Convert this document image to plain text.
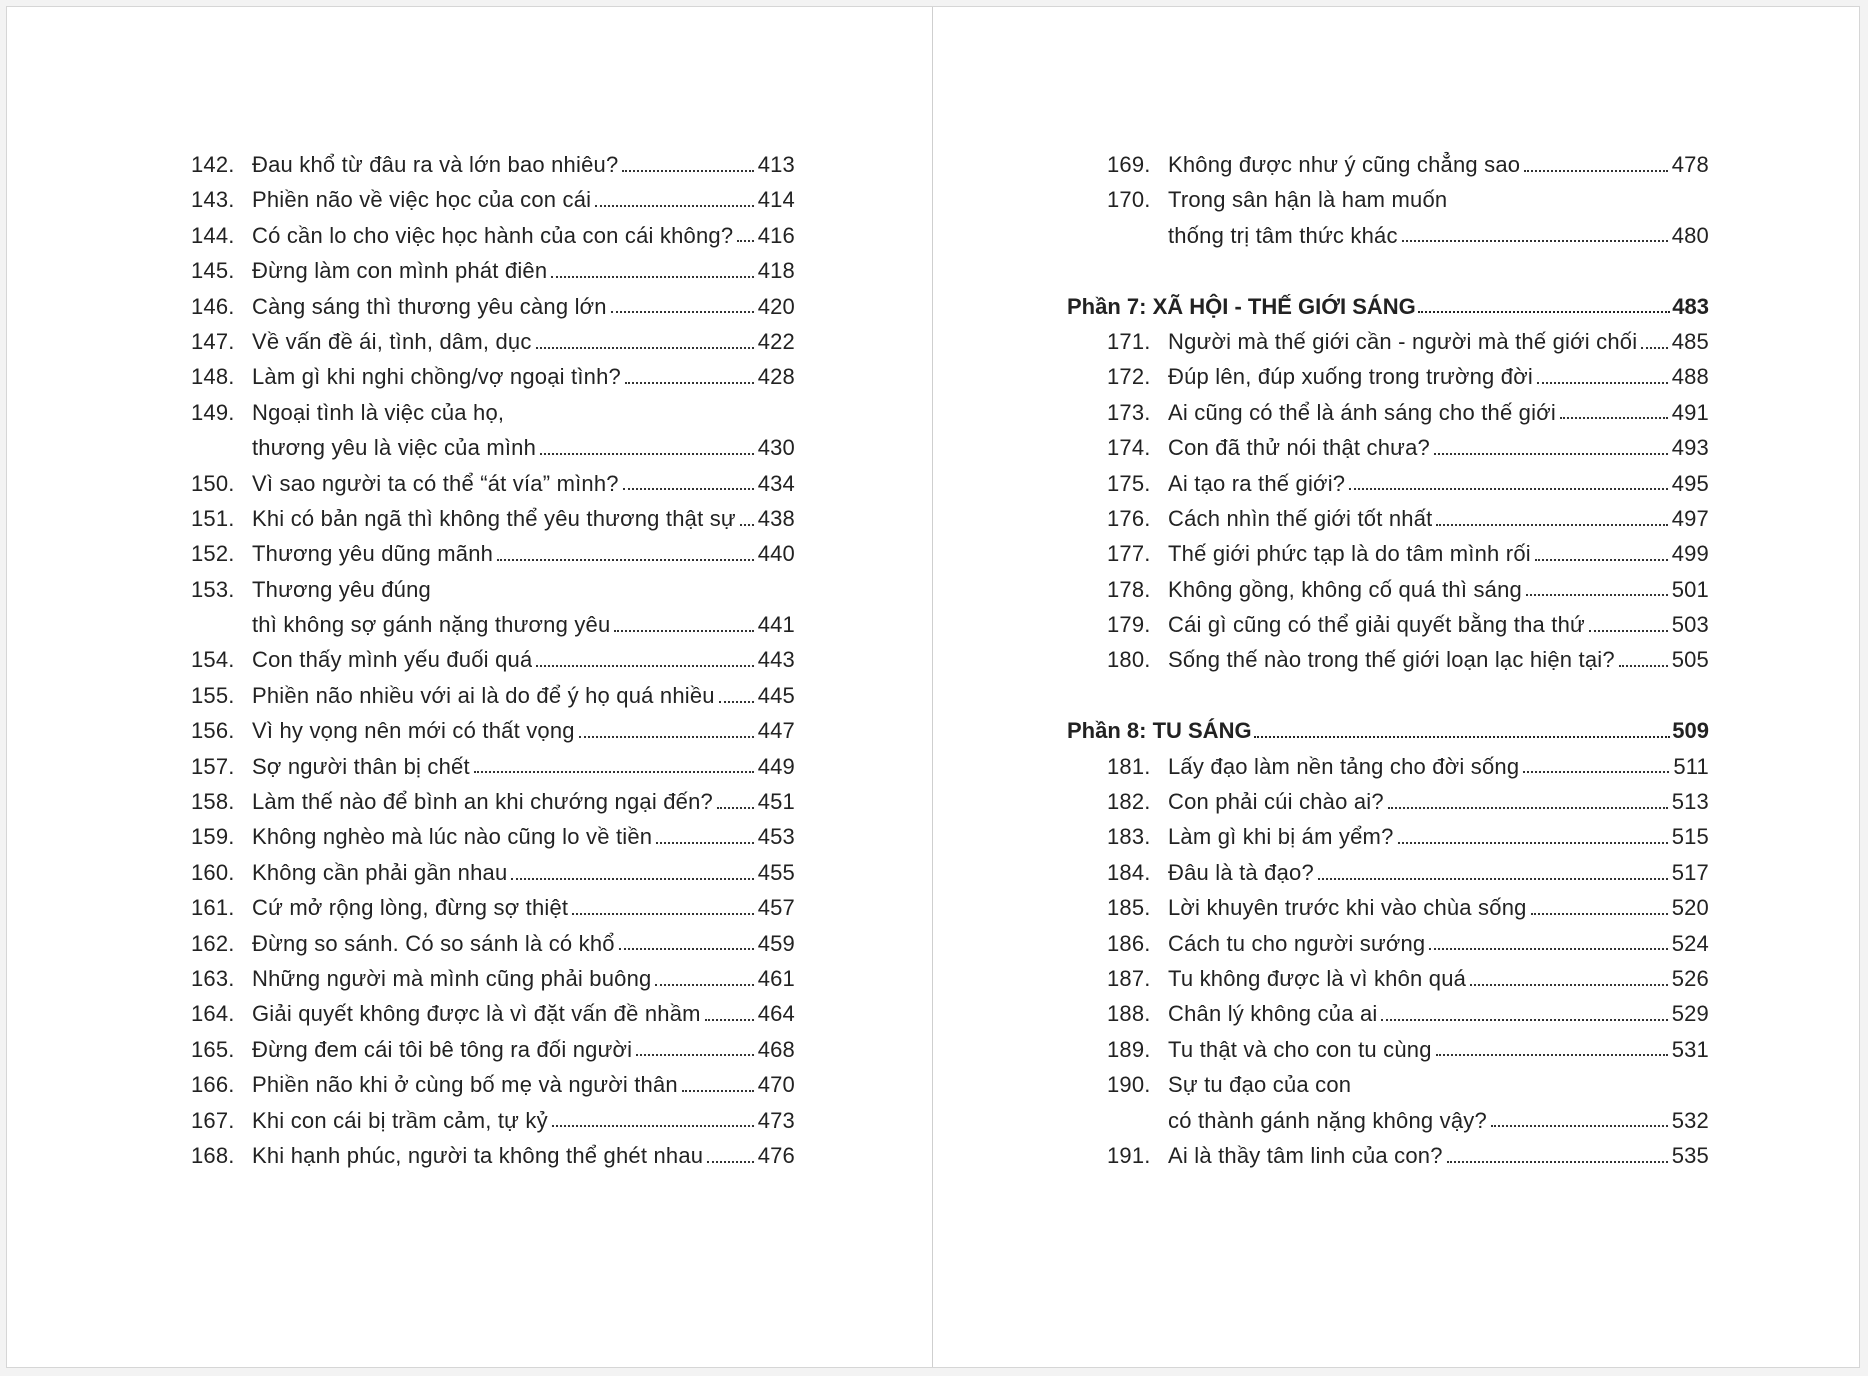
142. Đau khổ từ đâu ra và lớn bao nhiêu?	413
143. Phiền não về việc học của con cái	414
144. Có cần lo cho việc học hành của con cái không? 416
145. Đừng làm con mình phát điên	418
146. Càng sáng thì thương yêu càng lớn	420
147. Về vấn đề ái, tình, dâm, dục	422
148. Làm gì khi nghi chồng/vợ ngoại tình?	428
149. Ngoại tình là việc của họ,
thương yêu là việc của mình	430
150. Vì sao người ta có thể “át vía” mình?	434
151. Khi có bản ngã thì không thể yêu thương thật sự 438
152. Thương yêu dũng mãnh	440
153. Thương yêu đúng
thì không sợ gánh nặng thương yêu	441
154. Con thấy mình yếu đuối quá	443
155. Phiền não nhiều với ai là do để ý họ quá nhiều 445
156. Vì hy vọng nên mới có thất vọng	447
157. Sợ người thân bị chết	449
158. Làm thế nào để bình an khi chướng ngại đến? 451
159. Không nghèo mà lúc nào cũng lo về tiền	453
160. Không cần phải gần nhau	455
161. Cứ mở rộng lòng, đừng sợ thiệt	457
162. Đừng so sánh. Có so sánh là có khổ	459
163. Những người mà mình cũng phải buông	461
164. Giải quyết không được là vì đặt vấn đề nhầm	464
165. Đừng đem cái tôi bê tông ra đối người	468
166. Phiền não khi ở cùng bố mẹ và người thân	470
167. Khi con cái bị trầm cảm, tự kỷ	473
168. Khi hạnh phúc, người ta không thể ghét nhau 476
169. Không được như ý cũng chẳng sao	478
170. Trong sân hận là ham muốn
thống trị tâm thức khác	480
Phần 7: XÃ HỘI - THẾ GIỚI SÁNG	483
171. Người mà thế giới cần - người mà thế giới chối 485
172. Đúp lên, đúp xuống trong trường đời	488
173. Ai cũng có thể là ánh sáng cho thế giới	491
174. Con đã thử nói thật chưa?	493
175. Ai tạo ra thế giới?	495
176. Cách nhìn thế giới tốt nhất	497
177. Thế giới phức tạp là do tâm mình rối	499
178. Không gồng, không cố quá thì sáng	501
179. Cái gì cũng có thể giải quyết bằng tha thứ	503
180. Sống thế nào trong thế giới loạn lạc hiện tại?	505
Phần 8: TU SÁNG	509
181. Lấy đạo làm nền tảng cho đời sống	511
182. Con phải cúi chào ai?	513
183. Làm gì khi bị ám yểm?	515
184. Đâu là tà đạo?	517
185. Lời khuyên trước khi vào chùa sống	520
186. Cách tu cho người sướng	524
187. Tu không được là vì khôn quá	526
188. Chân lý không của ai	529
189. Tu thật và cho con tu cùng	531
190. Sự tu đạo của con
có thành gánh nặng không vậy?	532
191. Ai là thầy tâm linh của con?	535
